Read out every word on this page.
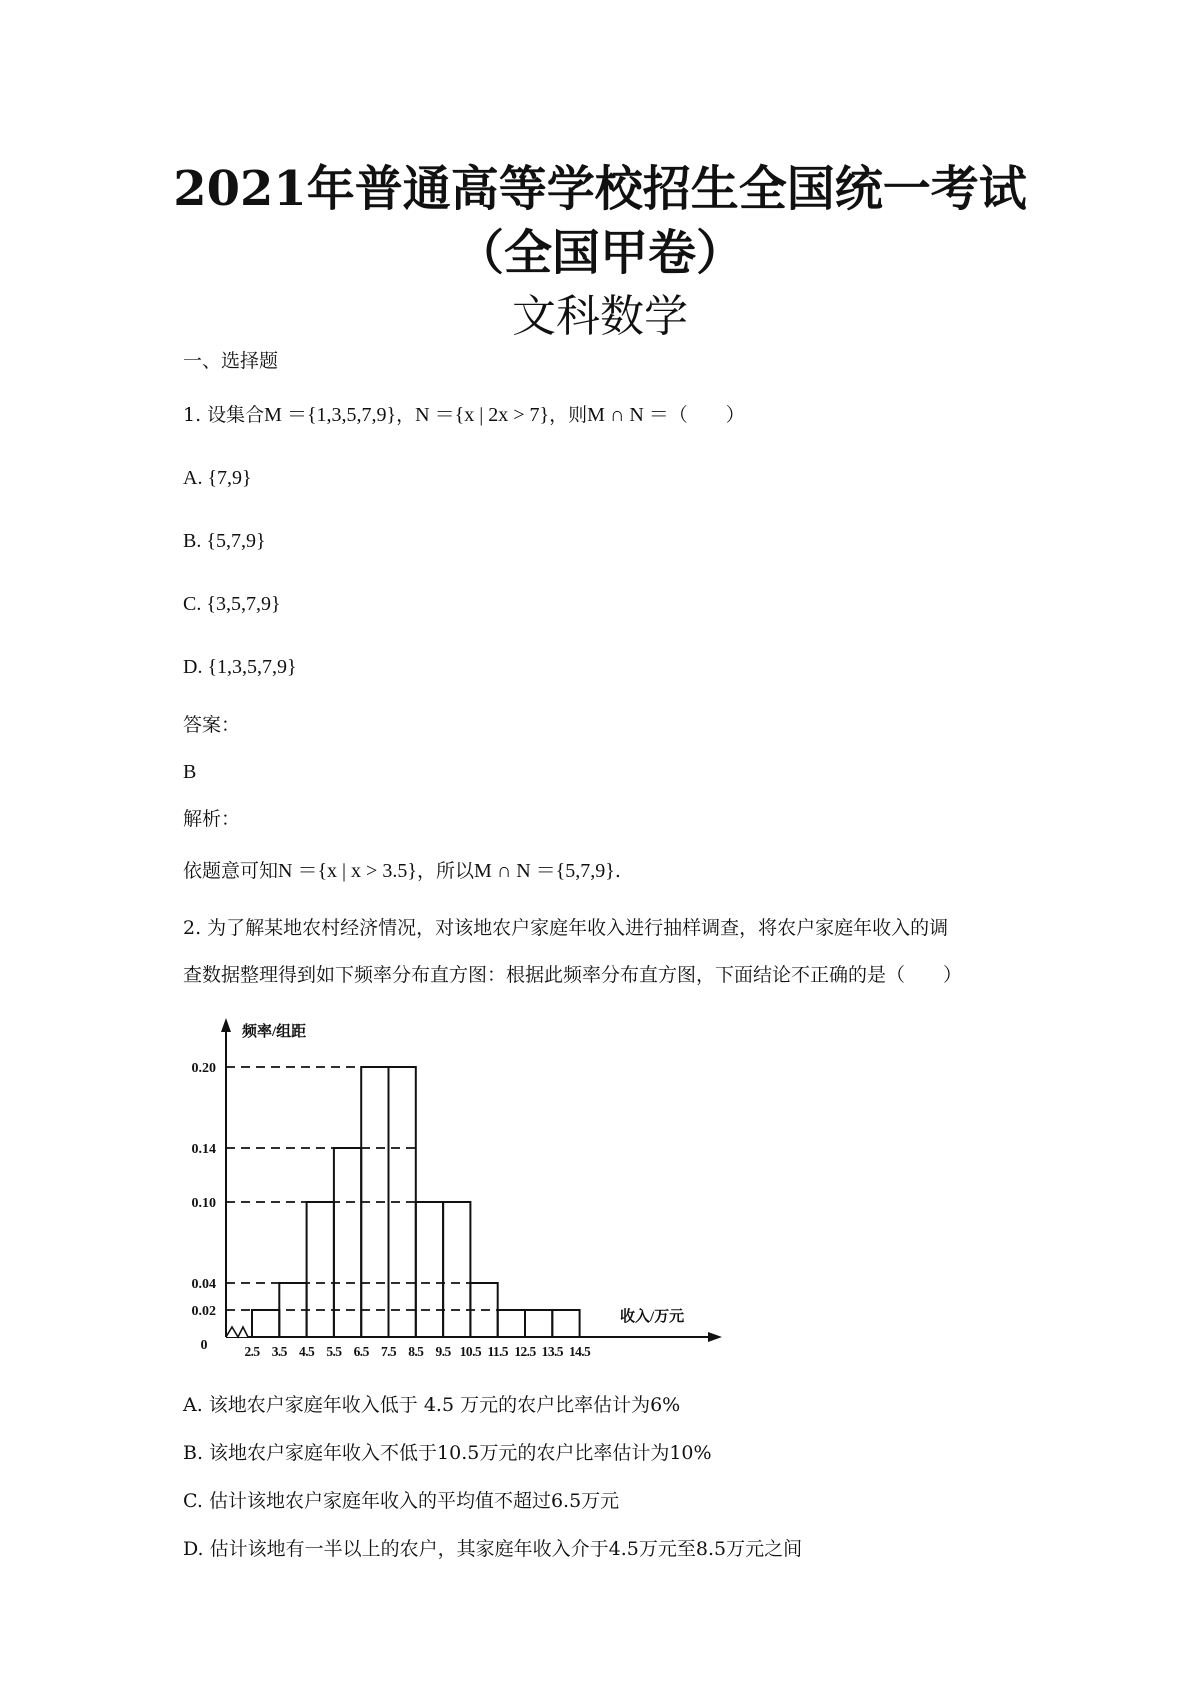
2021年普通高等学校招生全国统一考试
（全国甲卷）
文科数学
一、选择题
1. 设集合M ＝{1,3,5,7,9}，N ＝{x | 2x > 7}，则M ∩ N ＝（　　）
A. {7,9}
B. {5,7,9}
C. {3,5,7,9}
D. {1,3,5,7,9}
答案：
B
解析：
依题意可知N ＝{x | x > 3.5}，所以M ∩ N ＝{5,7,9}.
2. 为了解某地农村经济情况，对该地农户家庭年收入进行抽样调查，将农户家庭年收入的调
查数据整理得到如下频率分布直方图：根据此频率分布直方图，下面结论不正确的是（　　）
0.02
0.04
0.10
0.14
0.20
0	2.5 3.5 4.5 5.5 6.5 7.5 8.5 9.5 10.5 11.5 12.5 13.5 14.5
频率/组距
收入/万元
A. 该地农户家庭年收入低于 4.5 万元的农户比率估计为6%
B. 该地农户家庭年收入不低于10.5万元的农户比率估计为10%
C. 估计该地农户家庭年收入的平均值不超过6.5万元
D. 估计该地有一半以上的农户，其家庭年收入介于4.5万元至8.5万元之间
